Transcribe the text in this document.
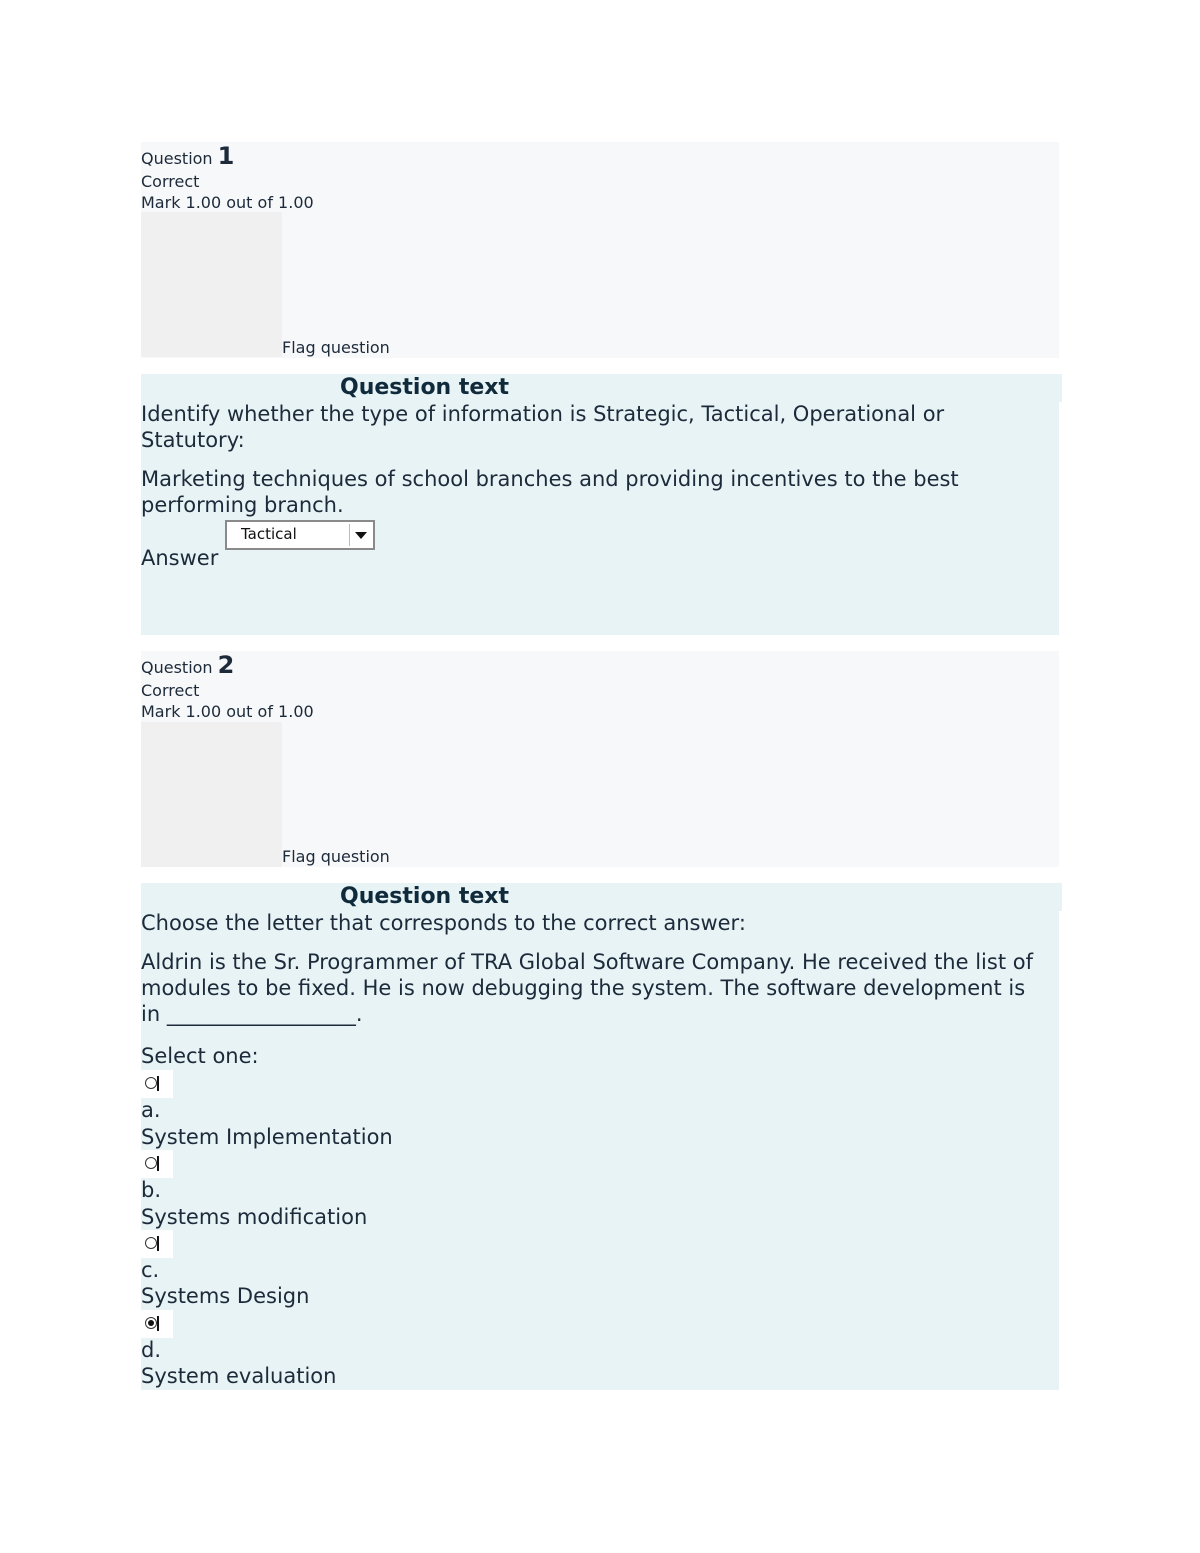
Question 1
Correct
Mark 1.00 out of 1.00
Flag question
Question text
Identify whether the type of information is Strategic, Tactical, Operational or Statutory:
Marketing techniques of school branches and providing incentives to the best performing branch.
Answer
Tactical
Question 2
Correct
Mark 1.00 out of 1.00
Flag question
Question text
Choose the letter that corresponds to the correct answer:
Aldrin is the Sr. Programmer of TRA Global Software Company. He received the list of modules to be fixed. He is now debugging the system. The software development is in __________________.
Select one:
a.
System Implementation
b.
Systems modification
c.
Systems Design
d.
System evaluation
